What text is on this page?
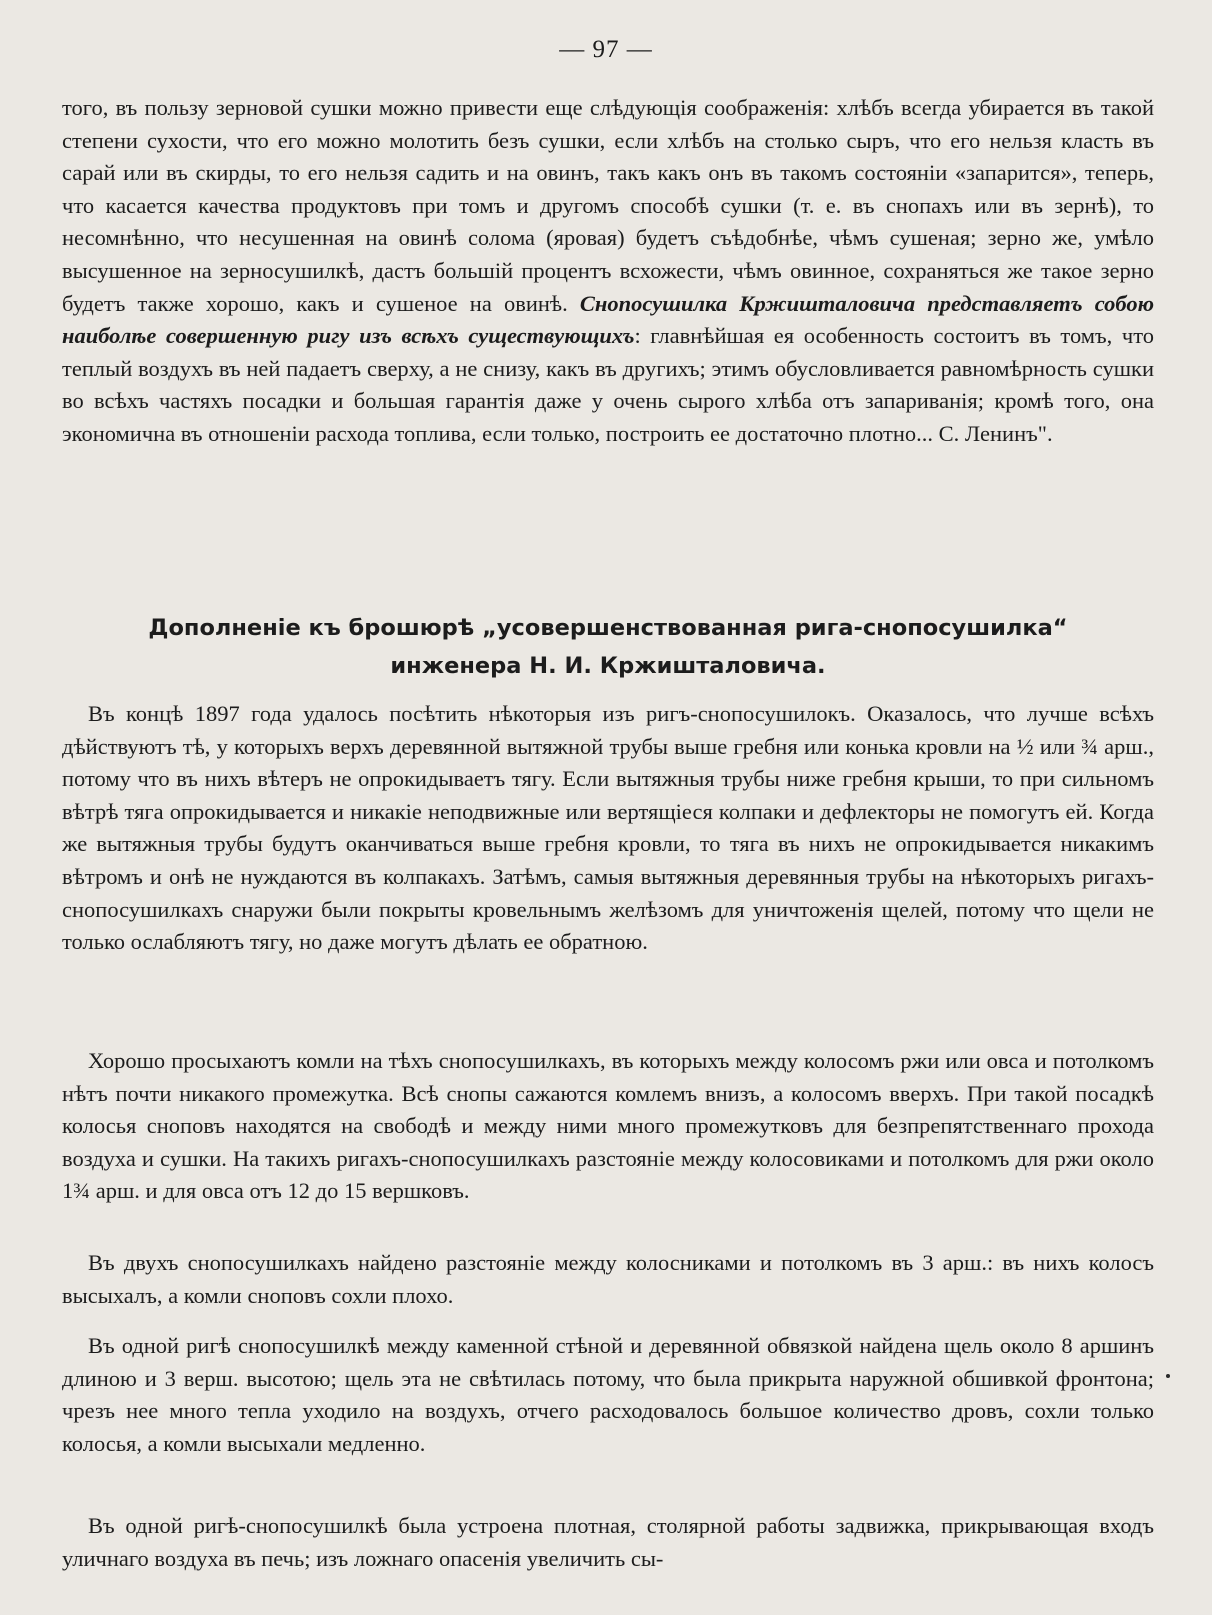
— 97 —

того, въ пользу зерновой сушки можно привести еще слѣдующія соображенія: хлѣбъ всегда убирается въ такой степени сухости, что его можно молотить безъ сушки, если хлѣбъ на столько сыръ, что его нельзя класть въ сарай или въ скирды, то его нельзя садить и на овинъ, такъ какъ онъ въ такомъ состояніи «запарится», теперь, что касается качества продуктовъ при томъ и другомъ способѣ сушки (т. е. въ снопахъ или въ зернѣ), то несомнѣнно, что несушенная на овинѣ солома (яровая) будетъ съѣдобнѣе, чѣмъ сушеная; зерно же, умѣло высушенное на зерносушилкѣ, дастъ большій процентъ всхожести, чѣмъ овинное, сохраняться же такое зерно будетъ также хорошо, какъ и сушеное на овинѣ. Снопосушилка Кржишталовича представляетъ собою наиболѣе совершенную ригу изъ всѣхъ существующихъ: главнѣйшая ея особенность состоитъ въ томъ, что теплый воздухъ въ ней падаетъ сверху, а не снизу, какъ въ другихъ; этимъ обусловливается равномѣрность сушки во всѣхъ частяхъ посадки и большая гарантія даже у очень сырого хлѣба отъ запариванія; кромѣ того, она экономична въ отношеніи расхода топлива, если только, построить ее достаточно плотно... С. Ленинъ".

Дополненіе къ брошюрѣ „усовершенствованная рига-снопосушилка“
инженера Н. И. Кржишталовича.

Въ концѣ 1897 года удалось посѣтить нѣкоторыя изъ ригъ-снопосушилокъ. Оказалось, что лучше всѣхъ дѣйствуютъ тѣ, у которыхъ верхъ деревянной вытяжной трубы выше гребня или конька кровли на ½ или ¾ арш., потому что въ нихъ вѣтеръ не опрокидываетъ тягу. Если вытяжныя трубы ниже гребня крыши, то при сильномъ вѣтрѣ тяга опрокидывается и никакіе неподвижные или вертящіеся колпаки и дефлекторы не помогутъ ей. Когда же вытяжныя трубы будутъ оканчиваться выше гребня кровли, то тяга въ нихъ не опрокидывается никакимъ вѣтромъ и онѣ не нуждаются въ колпакахъ. Затѣмъ, самыя вытяжныя деревянныя трубы на нѣкоторыхъ ригахъ-снопосушилкахъ снаружи были покрыты кровельнымъ желѣзомъ для уничтоженія щелей, потому что щели не только ослабляютъ тягу, но даже могутъ дѣлать ее обратною.

Хорошо просыхаютъ комли на тѣхъ снопосушилкахъ, въ которыхъ между колосомъ ржи или овса и потолкомъ нѣтъ почти никакого промежутка. Всѣ снопы сажаются комлемъ внизъ, а колосомъ вверхъ. При такой посадкѣ колосья сноповъ находятся на свободѣ и между ними много промежутковъ для безпрепятственнаго прохода воздуха и сушки. На такихъ ригахъ-снопосушилкахъ разстояніе между колосовиками и потолкомъ для ржи около 1¾ арш. и для овса отъ 12 до 15 вершковъ.

Въ двухъ снопосушилкахъ найдено разстояніе между колосниками и потолкомъ въ 3 арш.: въ нихъ колосъ высыхалъ, а комли сноповъ сохли плохо.

Въ одной ригѣ снопосушилкѣ между каменной стѣной и деревянной обвязкой найдена щель около 8 аршинъ длиною и 3 верш. высотою; щель эта не свѣтилась потому, что была прикрыта наружной обшивкой фронтона; чрезъ нее много тепла уходило на воздухъ, отчего расходовалось большое количество дровъ, сохли только колосья, а комли высыхали медленно.

Въ одной ригѣ-снопосушилкѣ была устроена плотная, столярной работы задвижка, прикрывающая входъ уличнаго воздуха въ печь; изъ ложнаго опасенія увеличить сы-
